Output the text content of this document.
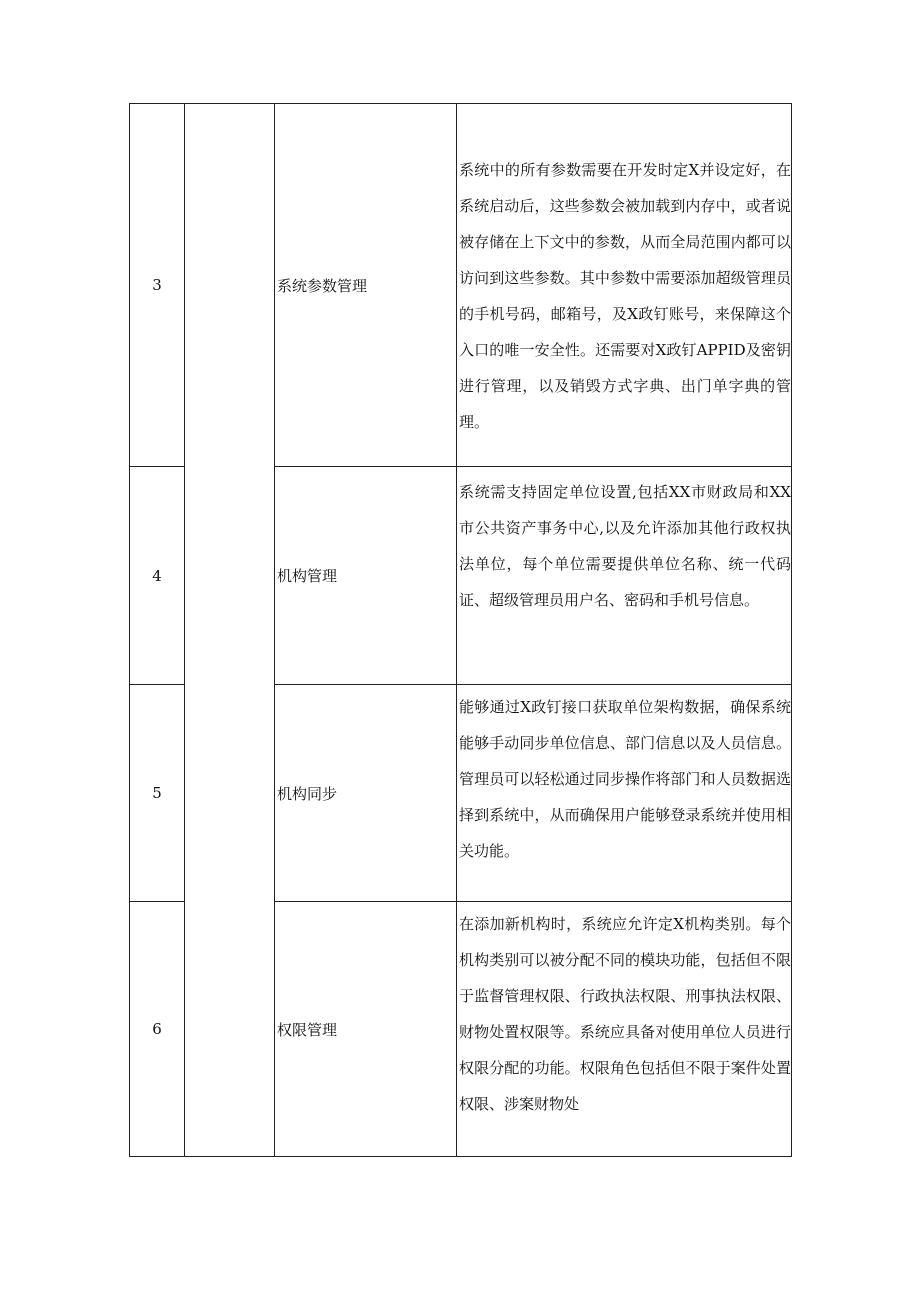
3		系统参数管理	系统中的所有参数需要在开发时定X并设定好，在系统启动后，这些参数会被加载到内存中，或者说被存储在上下文中的参数，从而全局范围内都可以访问到这些参数。其中参数中需要添加超级管理员的手机号码，邮箱号，及X政钉账号，来保障这个入口的唯一安全性。还需要对X政钉APPID及密钥进行管理，以及销毁方式字典、出门单字典的管理。

4		机构管理	系统需支持固定单位设置,包括XX市财政局和XX市公共资产事务中心,以及允许添加其他行政权执法单位，每个单位需要提供单位名称、统一代码证、超级管理员用户名、密码和手机号信息。

5		机构同步	能够通过X政钉接口获取单位架构数据，确保系统能够手动同步单位信息、部门信息以及人员信息。管理员可以轻松通过同步操作将部门和人员数据选择到系统中，从而确保用户能够登录系统并使用相关功能。

6		权限管理	在添加新机构时，系统应允许定X机构类别。每个机构类别可以被分配不同的模块功能，包括但不限于监督管理权限、行政执法权限、刑事执法权限、财物处置权限等。系统应具备对使用单位人员进行权限分配的功能。权限角色包括但不限于案件处置权限、涉案财物处
